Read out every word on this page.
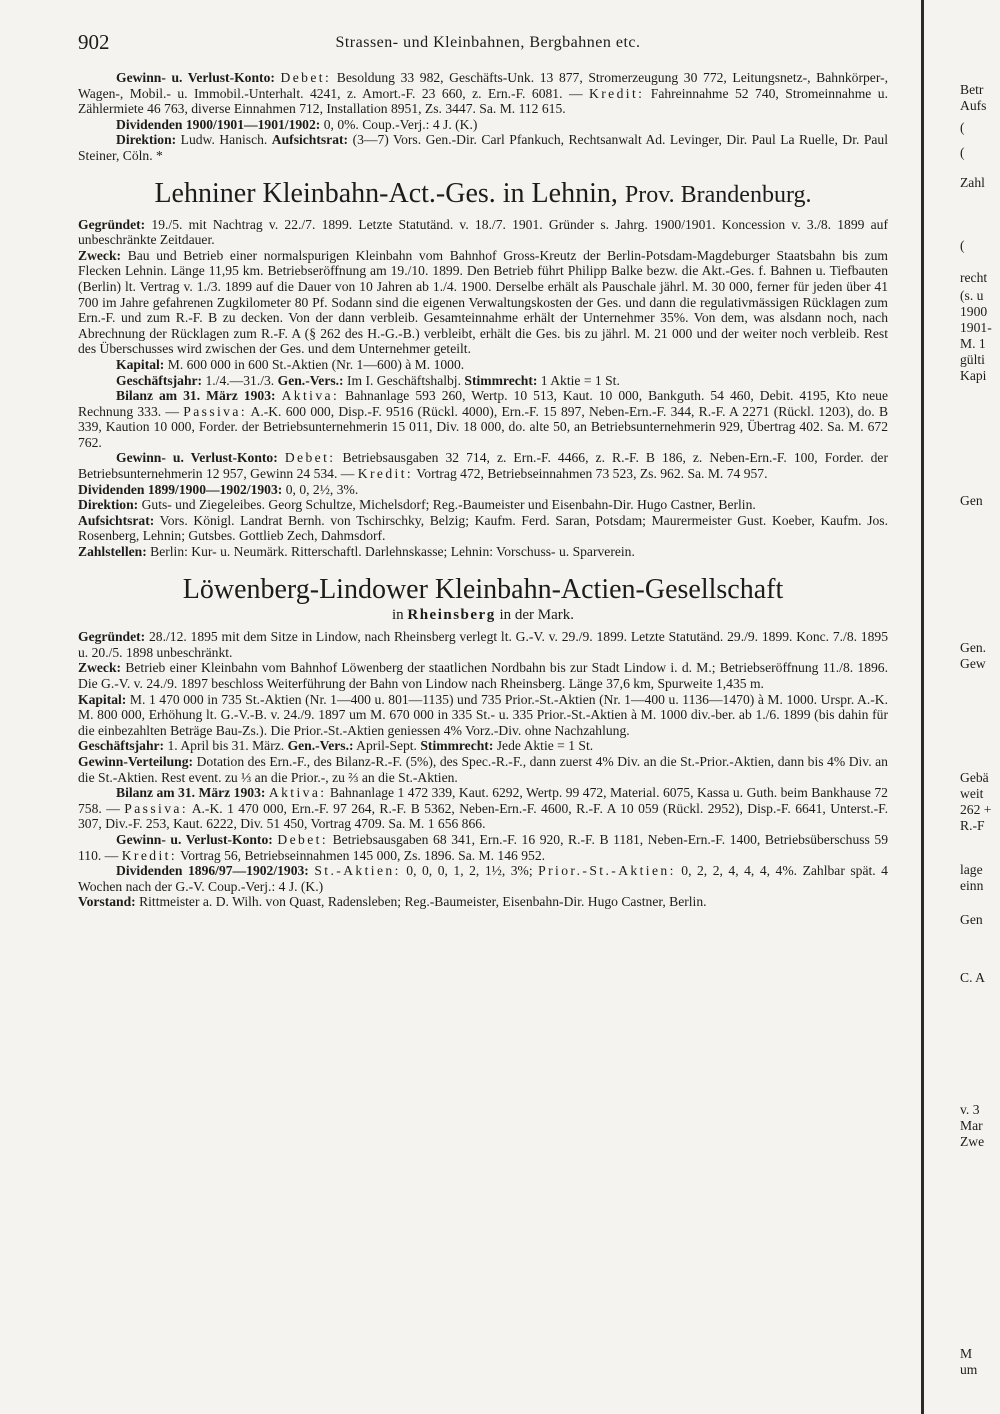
902	Strassen- und Kleinbahnen, Bergbahnen etc.

Gewinn- u. Verlust-Konto: Debet: Besoldung 33 982, Geschäfts-Unk. 13 877, Stromerzeugung 30 772, Leitungsnetz-, Bahnkörper-, Wagen-, Mobil.- u. Immobil.-Unterhalt. 4241, z. Amort.-F. 23 660, z. Ern.-F. 6081. — Kredit: Fahreinnahme 52 740, Stromeinnahme u. Zählermiete 46 763, diverse Einnahmen 712, Installation 8951, Zs. 3447. Sa. M. 112 615.

Dividenden 1900/1901—1901/1902: 0, 0%. Coup.-Verj.: 4 J. (K.)

Direktion: Ludw. Hanisch. Aufsichtsrat: (3—7) Vors. Gen.-Dir. Carl Pfankuch, Rechtsanwalt Ad. Levinger, Dir. Paul La Ruelle, Dr. Paul Steiner, Cöln. *

Lehniner Kleinbahn-Act.-Ges. in Lehnin, Prov. Brandenburg.

Gegründet: 19./5. mit Nachtrag v. 22./7. 1899. Letzte Statutänd. v. 18./7. 1901. Gründer s. Jahrg. 1900/1901. Koncession v. 3./8. 1899 auf unbeschränkte Zeitdauer.

Zweck: Bau und Betrieb einer normalspurigen Kleinbahn vom Bahnhof Gross-Kreutz der Berlin-Potsdam-Magdeburger Staatsbahn bis zum Flecken Lehnin. Länge 11,95 km. Betriebseröffnung am 19./10. 1899. Den Betrieb führt Philipp Balke bezw. die Akt.-Ges. f. Bahnen u. Tiefbauten (Berlin) lt. Vertrag v. 1./3. 1899 auf die Dauer von 10 Jahren ab 1./4. 1900. Derselbe erhält als Pauschale jährl. M. 30 000, ferner für jeden über 41 700 im Jahre gefahrenen Zugkilometer 80 Pf. Sodann sind die eigenen Verwaltungskosten der Ges. und dann die regulativmässigen Rücklagen zum Ern.-F. und zum R.-F. B zu decken. Von der dann verbleib. Gesamteinnahme erhält der Unternehmer 35%. Von dem, was alsdann noch, nach Abrechnung der Rücklagen zum R.-F. A (§ 262 des H.-G.-B.) verbleibt, erhält die Ges. bis zu jährl. M. 21 000 und der weiter noch verbleib. Rest des Überschusses wird zwischen der Ges. und dem Unternehmer geteilt.

Kapital: M. 600 000 in 600 St.-Aktien (Nr. 1—600) à M. 1000.

Geschäftsjahr: 1./4.—31./3. Gen.-Vers.: Im I. Geschäftshalbj. Stimmrecht: 1 Aktie = 1 St.

Bilanz am 31. März 1903: Aktiva: Bahnanlage 593 260, Wertp. 10 513, Kaut. 10 000, Bankguth. 54 460, Debit. 4195, Kto neue Rechnung 333. — Passiva: A.-K. 600 000, Disp.-F. 9516 (Rückl. 4000), Ern.-F. 15 897, Neben-Ern.-F. 344, R.-F. A 2271 (Rückl. 1203), do. B 339, Kaution 10 000, Forder. der Betriebsunternehmerin 15 011, Div. 18 000, do. alte 50, an Betriebsunternehmerin 929, Übertrag 402. Sa. M. 672 762.

Gewinn- u. Verlust-Konto: Debet: Betriebsausgaben 32 714, z. Ern.-F. 4466, z. R.-F. B 186, z. Neben-Ern.-F. 100, Forder. der Betriebsunternehmerin 12 957, Gewinn 24 534. — Kredit: Vortrag 472, Betriebseinnahmen 73 523, Zs. 962. Sa. M. 74 957.

Dividenden 1899/1900—1902/1903: 0, 0, 2½, 3%.

Direktion: Guts- und Ziegeleibes. Georg Schultze, Michelsdorf; Reg.-Baumeister und Eisenbahn-Dir. Hugo Castner, Berlin.

Aufsichtsrat: Vors. Königl. Landrat Bernh. von Tschirschky, Belzig; Kaufm. Ferd. Saran, Potsdam; Maurermeister Gust. Koeber, Kaufm. Jos. Rosenberg, Lehnin; Gutsbes. Gottlieb Zech, Dahmsdorf.

Zahlstellen: Berlin: Kur- u. Neumärk. Ritterschaftl. Darlehnskasse; Lehnin: Vorschuss- u. Sparverein.

Löwenberg-Lindower Kleinbahn-Actien-Gesellschaft
in Rheinsberg in der Mark.

Gegründet: 28./12. 1895 mit dem Sitze in Lindow, nach Rheinsberg verlegt lt. G.-V. v. 29./9. 1899. Letzte Statutänd. 29./9. 1899. Konc. 7./8. 1895 u. 20./5. 1898 unbeschränkt.

Zweck: Betrieb einer Kleinbahn vom Bahnhof Löwenberg der staatlichen Nordbahn bis zur Stadt Lindow i. d. M.; Betriebseröffnung 11./8. 1896. Die G.-V. v. 24./9. 1897 beschloss Weiterführung der Bahn von Lindow nach Rheinsberg. Länge 37,6 km, Spurweite 1,435 m.

Kapital: M. 1 470 000 in 735 St.-Aktien (Nr. 1—400 u. 801—1135) und 735 Prior.-St.-Aktien (Nr. 1—400 u. 1136—1470) à M. 1000. Urspr. A.-K. M. 800 000, Erhöhung lt. G.-V.-B. v. 24./9. 1897 um M. 670 000 in 335 St.- u. 335 Prior.-St.-Aktien à M. 1000 div.-ber. ab 1./6. 1899 (bis dahin für die einbezahlten Beträge Bau-Zs.). Die Prior.-St.-Aktien geniessen 4% Vorz.-Div. ohne Nachzahlung.

Geschäftsjahr: 1. April bis 31. März. Gen.-Vers.: April-Sept. Stimmrecht: Jede Aktie = 1 St.

Gewinn-Verteilung: Dotation des Ern.-F., des Bilanz-R.-F. (5%), des Spec.-R.-F., dann zuerst 4% Div. an die St.-Prior.-Aktien, dann bis 4% Div. an die St.-Aktien. Rest event. zu ⅓ an die Prior.-, zu ⅔ an die St.-Aktien.

Bilanz am 31. März 1903: Aktiva: Bahnanlage 1 472 339, Kaut. 6292, Wertp. 99 472, Material. 6075, Kassa u. Guth. beim Bankhause 72 758. — Passiva: A.-K. 1 470 000, Ern.-F. 97 264, R.-F. B 5362, Neben-Ern.-F. 4600, R.-F. A 10 059 (Rückl. 2952), Disp.-F. 6641, Unterst.-F. 307, Div.-F. 253, Kaut. 6222, Div. 51 450, Vortrag 4709. Sa. M. 1 656 866.

Gewinn- u. Verlust-Konto: Debet: Betriebsausgaben 68 341, Ern.-F. 16 920, R.-F. B 1181, Neben-Ern.-F. 1400, Betriebsüberschuss 59 110. — Kredit: Vortrag 56, Betriebseinnahmen 145 000, Zs. 1896. Sa. M. 146 952.

Dividenden 1896/97—1902/1903: St.-Aktien: 0, 0, 0, 1, 2, 1½, 3%; Prior.-St.-Aktien: 0, 2, 2, 4, 4, 4, 4%. Zahlbar spät. 4 Wochen nach der G.-V. Coup.-Verj.: 4 J. (K.)

Vorstand: Rittmeister a. D. Wilh. von Quast, Radensleben; Reg.-Baumeister, Eisenbahn-Dir. Hugo Castner, Berlin.

Betr
Aufs
(
(
Zahl
(
recht
(s. u
1900
1901-
M. 1
gülti
Kapi
Gen
Gen.
Gew
Gebä
weit
262 +
R.-F
lage
einn
Gen
C. A
v. 3
Mar
Zwe
M
um
